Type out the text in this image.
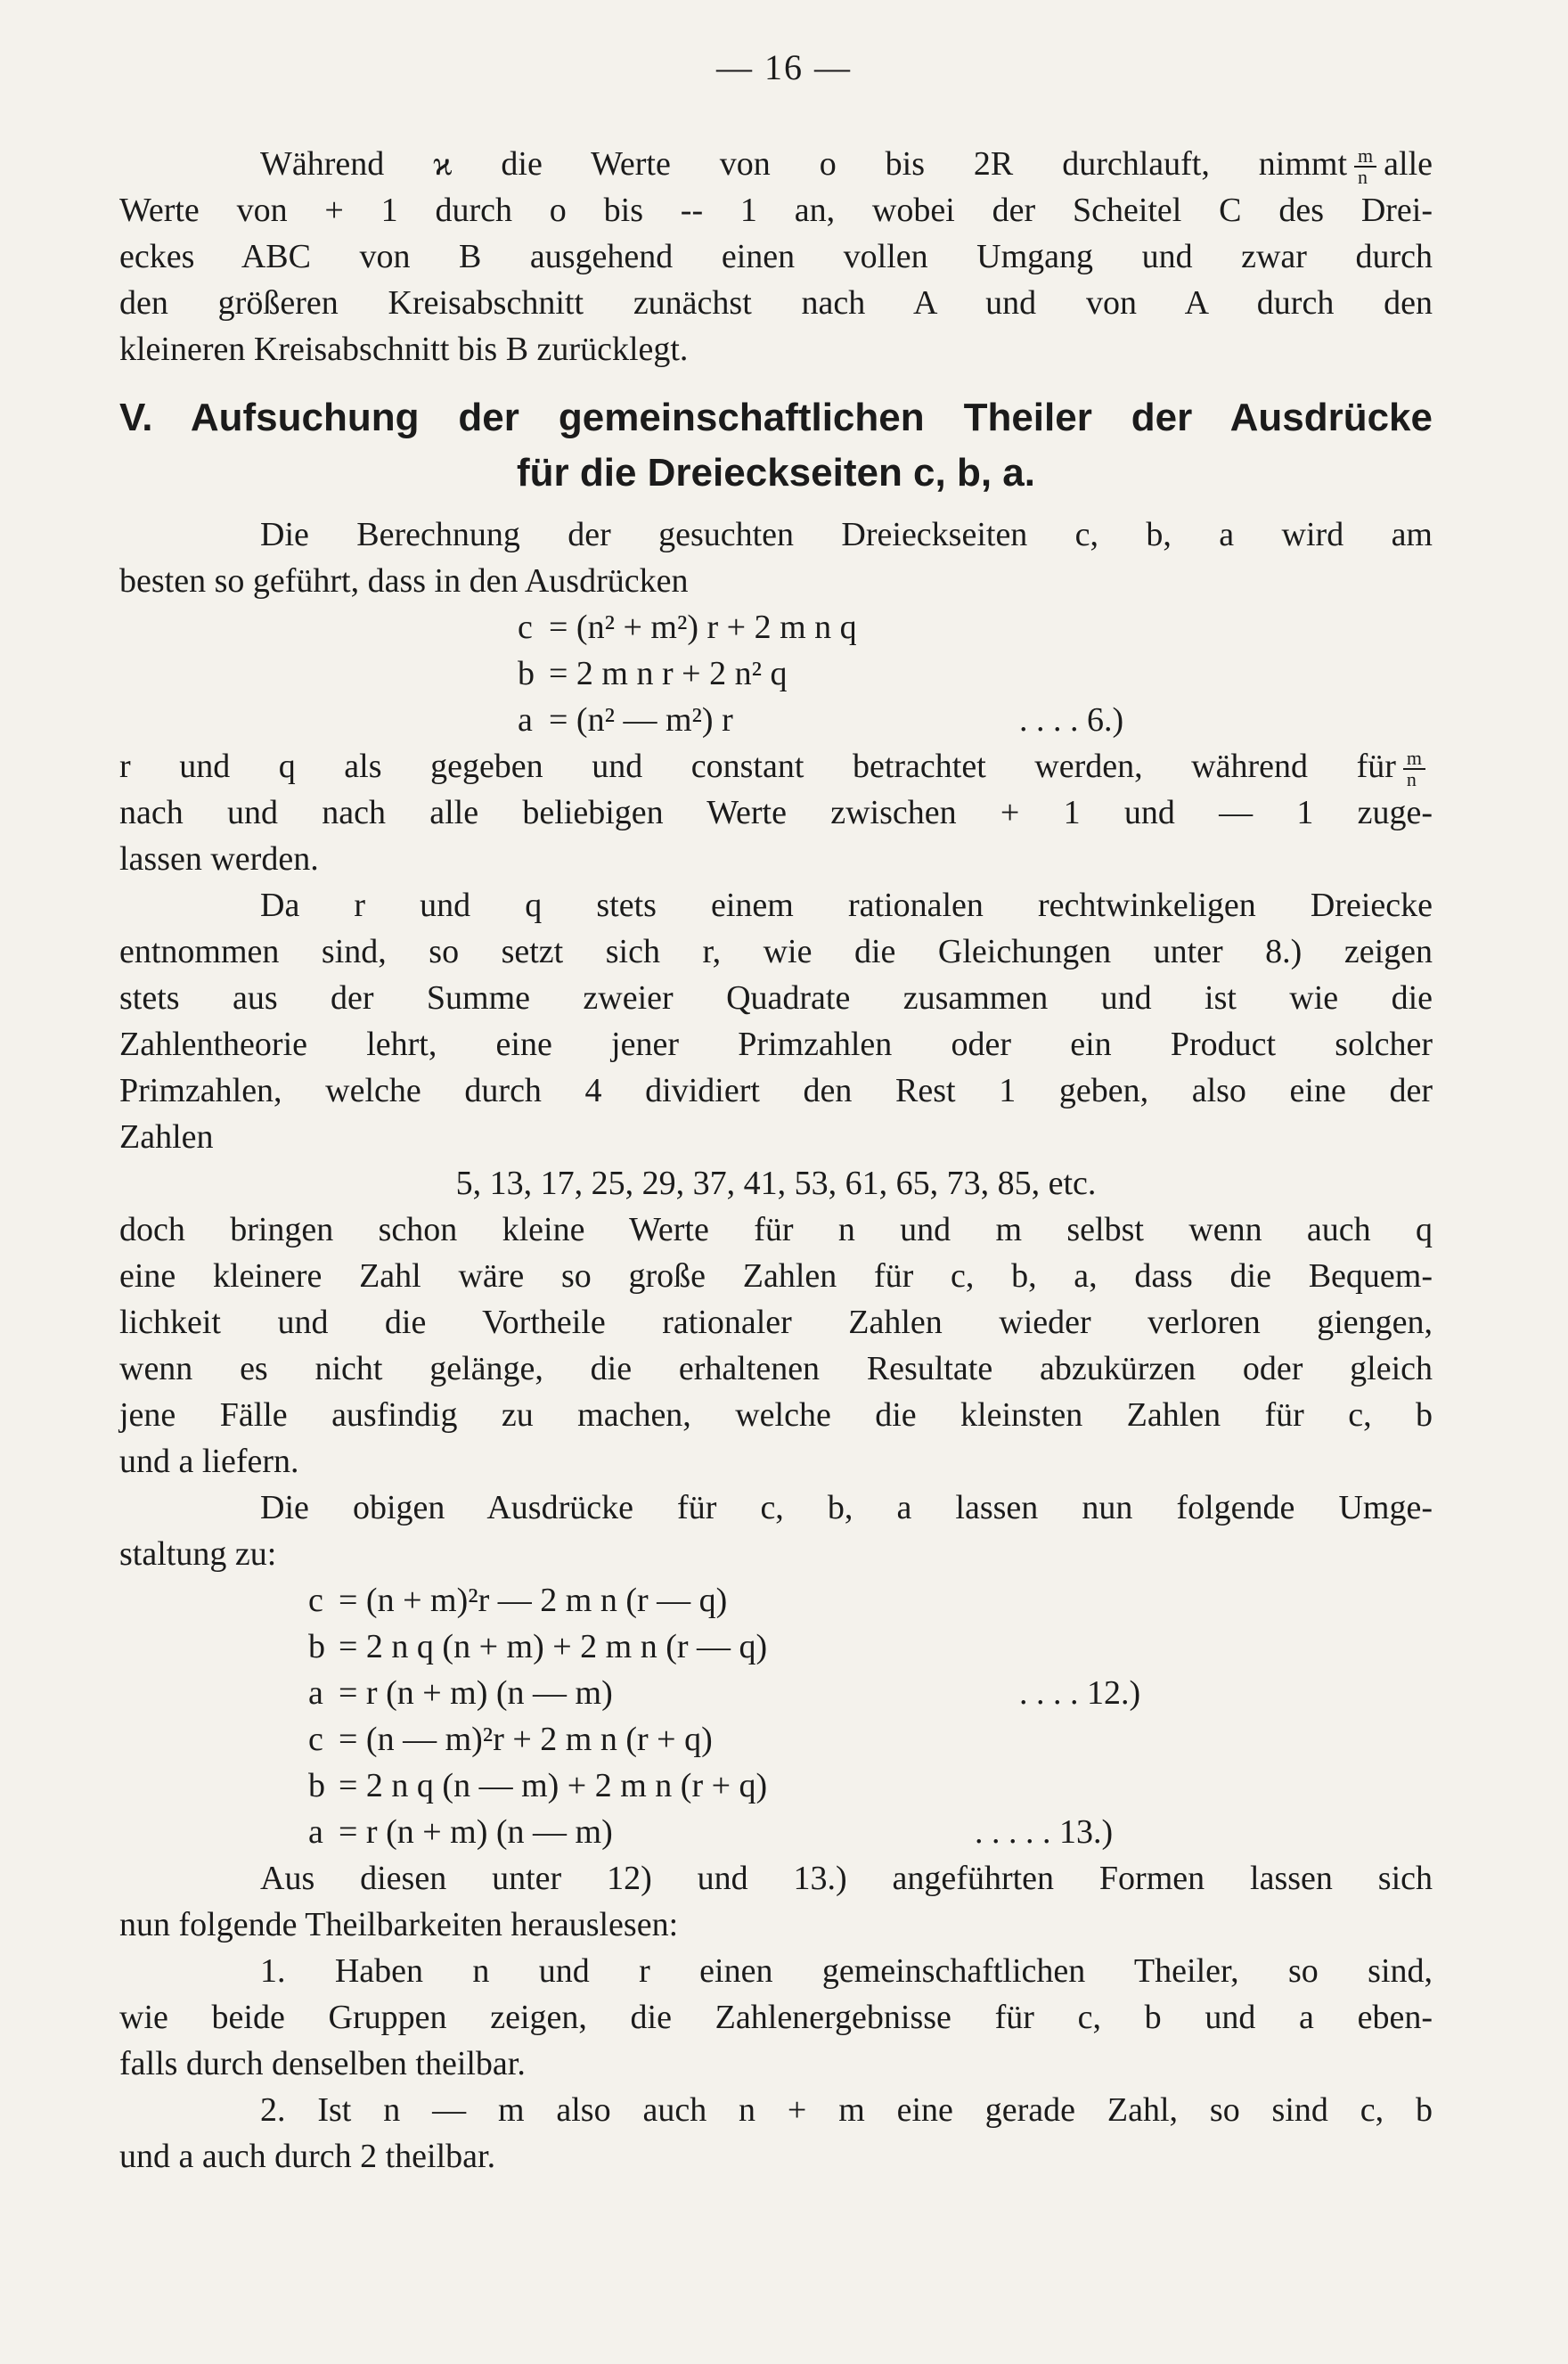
— 16 —
Während ϰ die Werte von o bis 2R durchlauft, nimmt $\frac{m}{n}$ alle
Werte von + 1 durch o bis -- 1 an, wobei der Scheitel C des Drei-
eckes ABC von B ausgehend einen vollen Umgang und zwar durch
den größeren Kreisabschnitt zunächst nach A und von A durch den
kleineren Kreisabschnitt bis B zurücklegt.
V. Aufsuchung der gemeinschaftlichen Theiler der Ausdrücke
für die Dreieckseiten c, b, a.
Die Berechnung der gesuchten Dreieckseiten c, b, a wird am
besten so geführt, dass in den Ausdrücken
c = (n² + m²) r + 2 m n q
b = 2 m n r + 2 n² q
a = (n² — m²) r	. . . . 6.)
r und q als gegeben und constant betrachtet werden, während für $\frac{m}{n}$
nach und nach alle beliebigen Werte zwischen + 1 und — 1 zuge-
lassen werden.
Da r und q stets einem rationalen rechtwinkeligen Dreiecke
entnommen sind, so setzt sich r, wie die Gleichungen unter 8.) zeigen
stets aus der Summe zweier Quadrate zusammen und ist wie die
Zahlentheorie lehrt, eine jener Primzahlen oder ein Product solcher
Primzahlen, welche durch 4 dividiert den Rest 1 geben, also eine der
Zahlen
5, 13, 17, 25, 29, 37, 41, 53, 61, 65, 73, 85, etc.
doch bringen schon kleine Werte für n und m selbst wenn auch q
eine kleinere Zahl wäre so große Zahlen für c, b, a, dass die Bequem-
lichkeit und die Vortheile rationaler Zahlen wieder verloren giengen,
wenn es nicht gelänge, die erhaltenen Resultate abzukürzen oder gleich
jene Fälle ausfindig zu machen, welche die kleinsten Zahlen für c, b
und a liefern.
Die obigen Ausdrücke für c, b, a lassen nun folgende Umge-
staltung zu:
c = (n + m)²r — 2 m n (r — q)
b = 2 n q (n + m) + 2 m n (r — q)
a = r (n + m) (n — m)	. . . . 12.)
c = (n — m)²r + 2 m n (r + q)
b = 2 n q (n — m) + 2 m n (r + q)
a = r (n + m) (n — m)	. . . . . 13.)
Aus diesen unter 12) und 13.) angeführten Formen lassen sich
nun folgende Theilbarkeiten herauslesen:
1. Haben n und r einen gemeinschaftlichen Theiler, so sind,
wie beide Gruppen zeigen, die Zahlenergebnisse für c, b und a eben-
falls durch denselben theilbar.
2. Ist n — m also auch n + m eine gerade Zahl, so sind c, b
und a auch durch 2 theilbar.
